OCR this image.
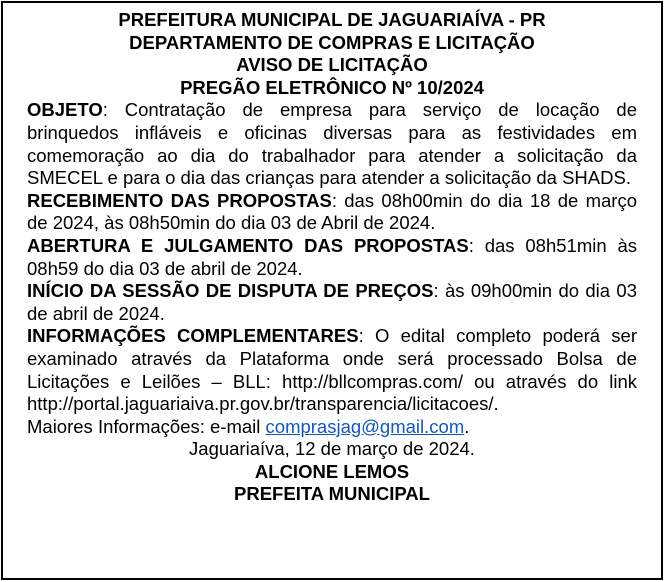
PREFEITURA MUNICIPAL DE JAGUARIAÍVA - PR
DEPARTAMENTO DE COMPRAS E LICITAÇÃO
AVISO DE LICITAÇÃO
PREGÃO ELETRÔNICO Nº 10/2024

OBJETO: Contratação de empresa para serviço de locação de brinquedos infláveis e oficinas diversas para as festividades em comemoração ao dia do trabalhador para atender a solicitação da SMECEL e para o dia das crianças para atender a solicitação da SHADS.

RECEBIMENTO DAS PROPOSTAS: das 08h00min do dia 18 de março de 2024, às 08h50min do dia 03 de Abril de 2024.

ABERTURA E JULGAMENTO DAS PROPOSTAS: das 08h51min às 08h59 do dia 03 de abril de 2024.

INÍCIO DA SESSÃO DE DISPUTA DE PREÇOS: às 09h00min do dia 03 de abril de 2024.

INFORMAÇÕES COMPLEMENTARES: O edital completo poderá ser examinado através da Plataforma onde será processado Bolsa de Licitações e Leilões – BLL: http://bllcompras.com/ ou através do link http://portal.jaguariaiva.pr.gov.br/transparencia/licitacoes/.

Maiores Informações: e-mail comprasjag@gmail.com.

Jaguariaíva, 12 de março de 2024.
ALCIONE LEMOS
PREFEITA MUNICIPAL
